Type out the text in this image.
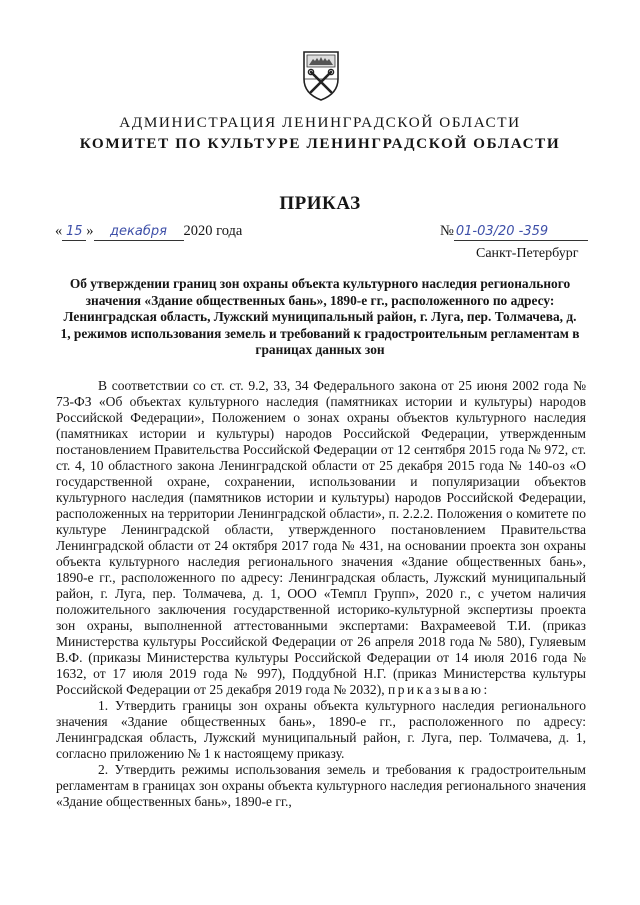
АДМИНИСТРАЦИЯ ЛЕНИНГРАДСКОЙ ОБЛАСТИ
КОМИТЕТ ПО КУЛЬТУРЕ ЛЕНИНГРАДСКОЙ ОБЛАСТИ
ПРИКАЗ
« 15 » декабря 2020 года	№ 01-03/20 -359
Санкт-Петербург
Об утверждении границ зон охраны объекта культурного наследия регионального значения «Здание общественных бань», 1890-е гг., расположенного по адресу: Ленинградская область, Лужский муниципальный район, г. Луга, пер. Толмачева, д. 1, режимов использования земель и требований к градостроительным регламентам в границах данных зон

В соответствии со ст. ст. 9.2, 33, 34 Федерального закона от 25 июня 2002 года № 73-ФЗ «Об объектах культурного наследия (памятниках истории и культуры) народов Российской Федерации», Положением о зонах охраны объектов культурного наследия (памятниках истории и культуры) народов Российской Федерации, утвержденным постановлением Правительства Российской Федерации от 12 сентября 2015 года № 972, ст. ст. 4, 10 областного закона Ленинградской области от 25 декабря 2015 года № 140-оз «О государственной охране, сохранении, использовании и популяризации объектов культурного наследия (памятников истории и культуры) народов Российской Федерации, расположенных на территории Ленинградской области», п. 2.2.2. Положения о комитете по культуре Ленинградской области, утвержденного постановлением Правительства Ленинградской области от 24 октября 2017 года № 431, на основании проекта зон охраны объекта культурного наследия регионального значения «Здание общественных бань», 1890-е гг., расположенного по адресу: Ленинградская область, Лужский муниципальный район, г. Луга, пер. Толмачева, д. 1, ООО «Темпл Групп», 2020 г., с учетом наличия положительного заключения государственной историко-культурной экспертизы проекта зон охраны, выполненной аттестованными экспертами: Вахрамеевой Т.И. (приказ Министерства культуры Российской Федерации от 26 апреля 2018 года № 580), Гуляевым В.Ф. (приказы Министерства культуры Российской Федерации от 14 июля 2016 года № 1632, от 17 июля 2019 года № 997), Поддубной Н.Г. (приказ Министерства культуры Российской Федерации от 25 декабря 2019 года № 2032), приказываю:

1. Утвердить границы зон охраны объекта культурного наследия регионального значения «Здание общественных бань», 1890-е гг., расположенного по адресу: Ленинградская область, Лужский муниципальный район, г. Луга, пер. Толмачева, д. 1, согласно приложению № 1 к настоящему приказу.

2. Утвердить режимы использования земель и требования к градостроительным регламентам в границах зон охраны объекта культурного наследия регионального значения «Здание общественных бань», 1890-е гг.,
